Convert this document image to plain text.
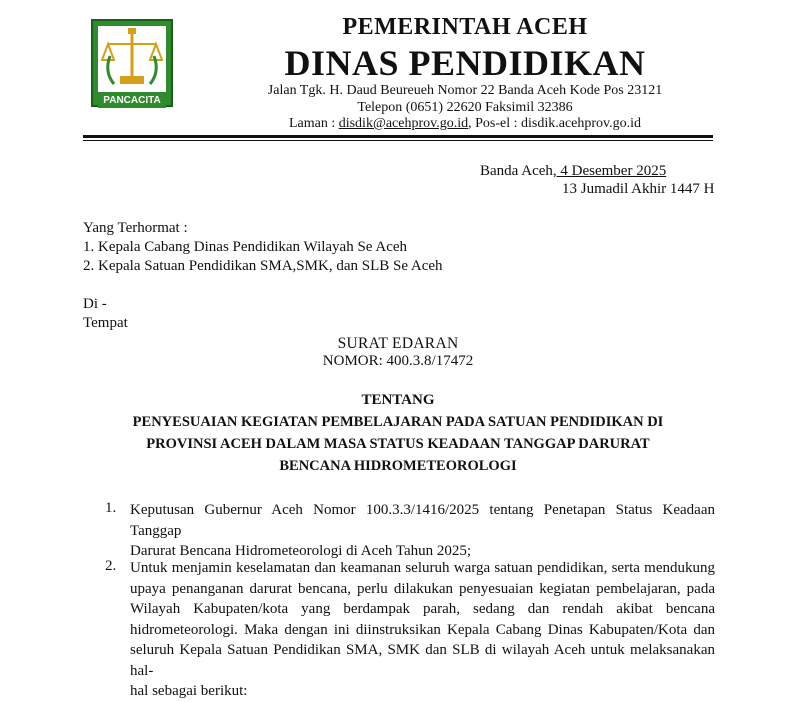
PANCACITA
PEMERINTAH ACEH
DINAS PENDIDIKAN
Jalan Tgk. H. Daud Beureueh Nomor 22 Banda Aceh Kode Pos 23121
Telepon (0651) 22620 Faksimil 32386
Laman : disdik@acehprov.go.id, Pos-el : disdik.acehprov.go.id
Banda Aceh, 4 Desember 2025
13 Jumadil Akhir 1447 H
Yang Terhormat :
1. Kepala Cabang Dinas Pendidikan Wilayah Se Aceh
2. Kepala Satuan Pendidikan SMA,SMK, dan SLB Se Aceh
Di -
Tempat
SURAT EDARAN
NOMOR: 400.3.8/17472
TENTANG
PENYESUAIAN KEGIATAN PEMBELAJARAN PADA SATUAN PENDIDIKAN DI
PROVINSI ACEH DALAM MASA STATUS KEADAAN TANGGAP DARURAT
BENCANA HIDROMETEOROLOGI
1. Keputusan Gubernur Aceh Nomor 100.3.3/1416/2025 tentang Penetapan Status Keadaan Tanggap
Darurat Bencana Hidrometeorologi di Aceh Tahun 2025;
2. Untuk menjamin keselamatan dan keamanan seluruh warga satuan pendidikan, serta mendukung
upaya penanganan darurat bencana, perlu dilakukan penyesuaian kegiatan pembelajaran, pada
Wilayah Kabupaten/kota yang berdampak parah, sedang dan rendah akibat bencana
hidrometeorologi. Maka dengan ini diinstruksikan Kepala Cabang Dinas Kabupaten/Kota dan
seluruh Kepala Satuan Pendidikan SMA, SMK dan SLB di wilayah Aceh untuk melaksanakan hal-
hal sebagai berikut:
